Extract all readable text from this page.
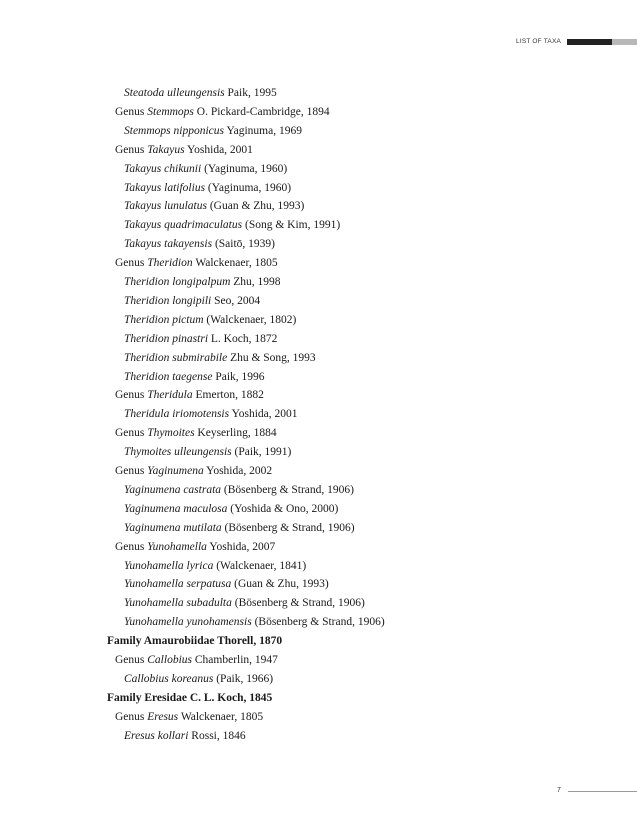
LIST OF TAXA
Steatoda ulleungensis Paik, 1995
Genus Stemmops O. Pickard-Cambridge, 1894
Stemmops nipponicus Yaginuma, 1969
Genus Takayus Yoshida, 2001
Takayus chikunii (Yaginuma, 1960)
Takayus latifolius (Yaginuma, 1960)
Takayus lunulatus (Guan & Zhu, 1993)
Takayus quadrimaculatus (Song & Kim, 1991)
Takayus takayensis (Saitō, 1939)
Genus Theridion Walckenaer, 1805
Theridion longipalpum Zhu, 1998
Theridion longipili Seo, 2004
Theridion pictum (Walckenaer, 1802)
Theridion pinastri L. Koch, 1872
Theridion submirabile Zhu & Song, 1993
Theridion taegense Paik, 1996
Genus Theridula Emerton, 1882
Theridula iriomotensis Yoshida, 2001
Genus Thymoites Keyserling, 1884
Thymoites ulleungensis (Paik, 1991)
Genus Yaginumena Yoshida, 2002
Yaginumena castrata (Bösenberg & Strand, 1906)
Yaginumena maculosa (Yoshida & Ono, 2000)
Yaginumena mutilata (Bösenberg & Strand, 1906)
Genus Yunohamella Yoshida, 2007
Yunohamella lyrica (Walckenaer, 1841)
Yunohamella serpatusa (Guan & Zhu, 1993)
Yunohamella subadulta (Bösenberg & Strand, 1906)
Yunohamella yunohamensis (Bösenberg & Strand, 1906)
Family Amaurobiidae Thorell, 1870
Genus Callobius Chamberlin, 1947
Callobius koreanus (Paik, 1966)
Family Eresidae C. L. Koch, 1845
Genus Eresus Walckenaer, 1805
Eresus kollari Rossi, 1846
7
